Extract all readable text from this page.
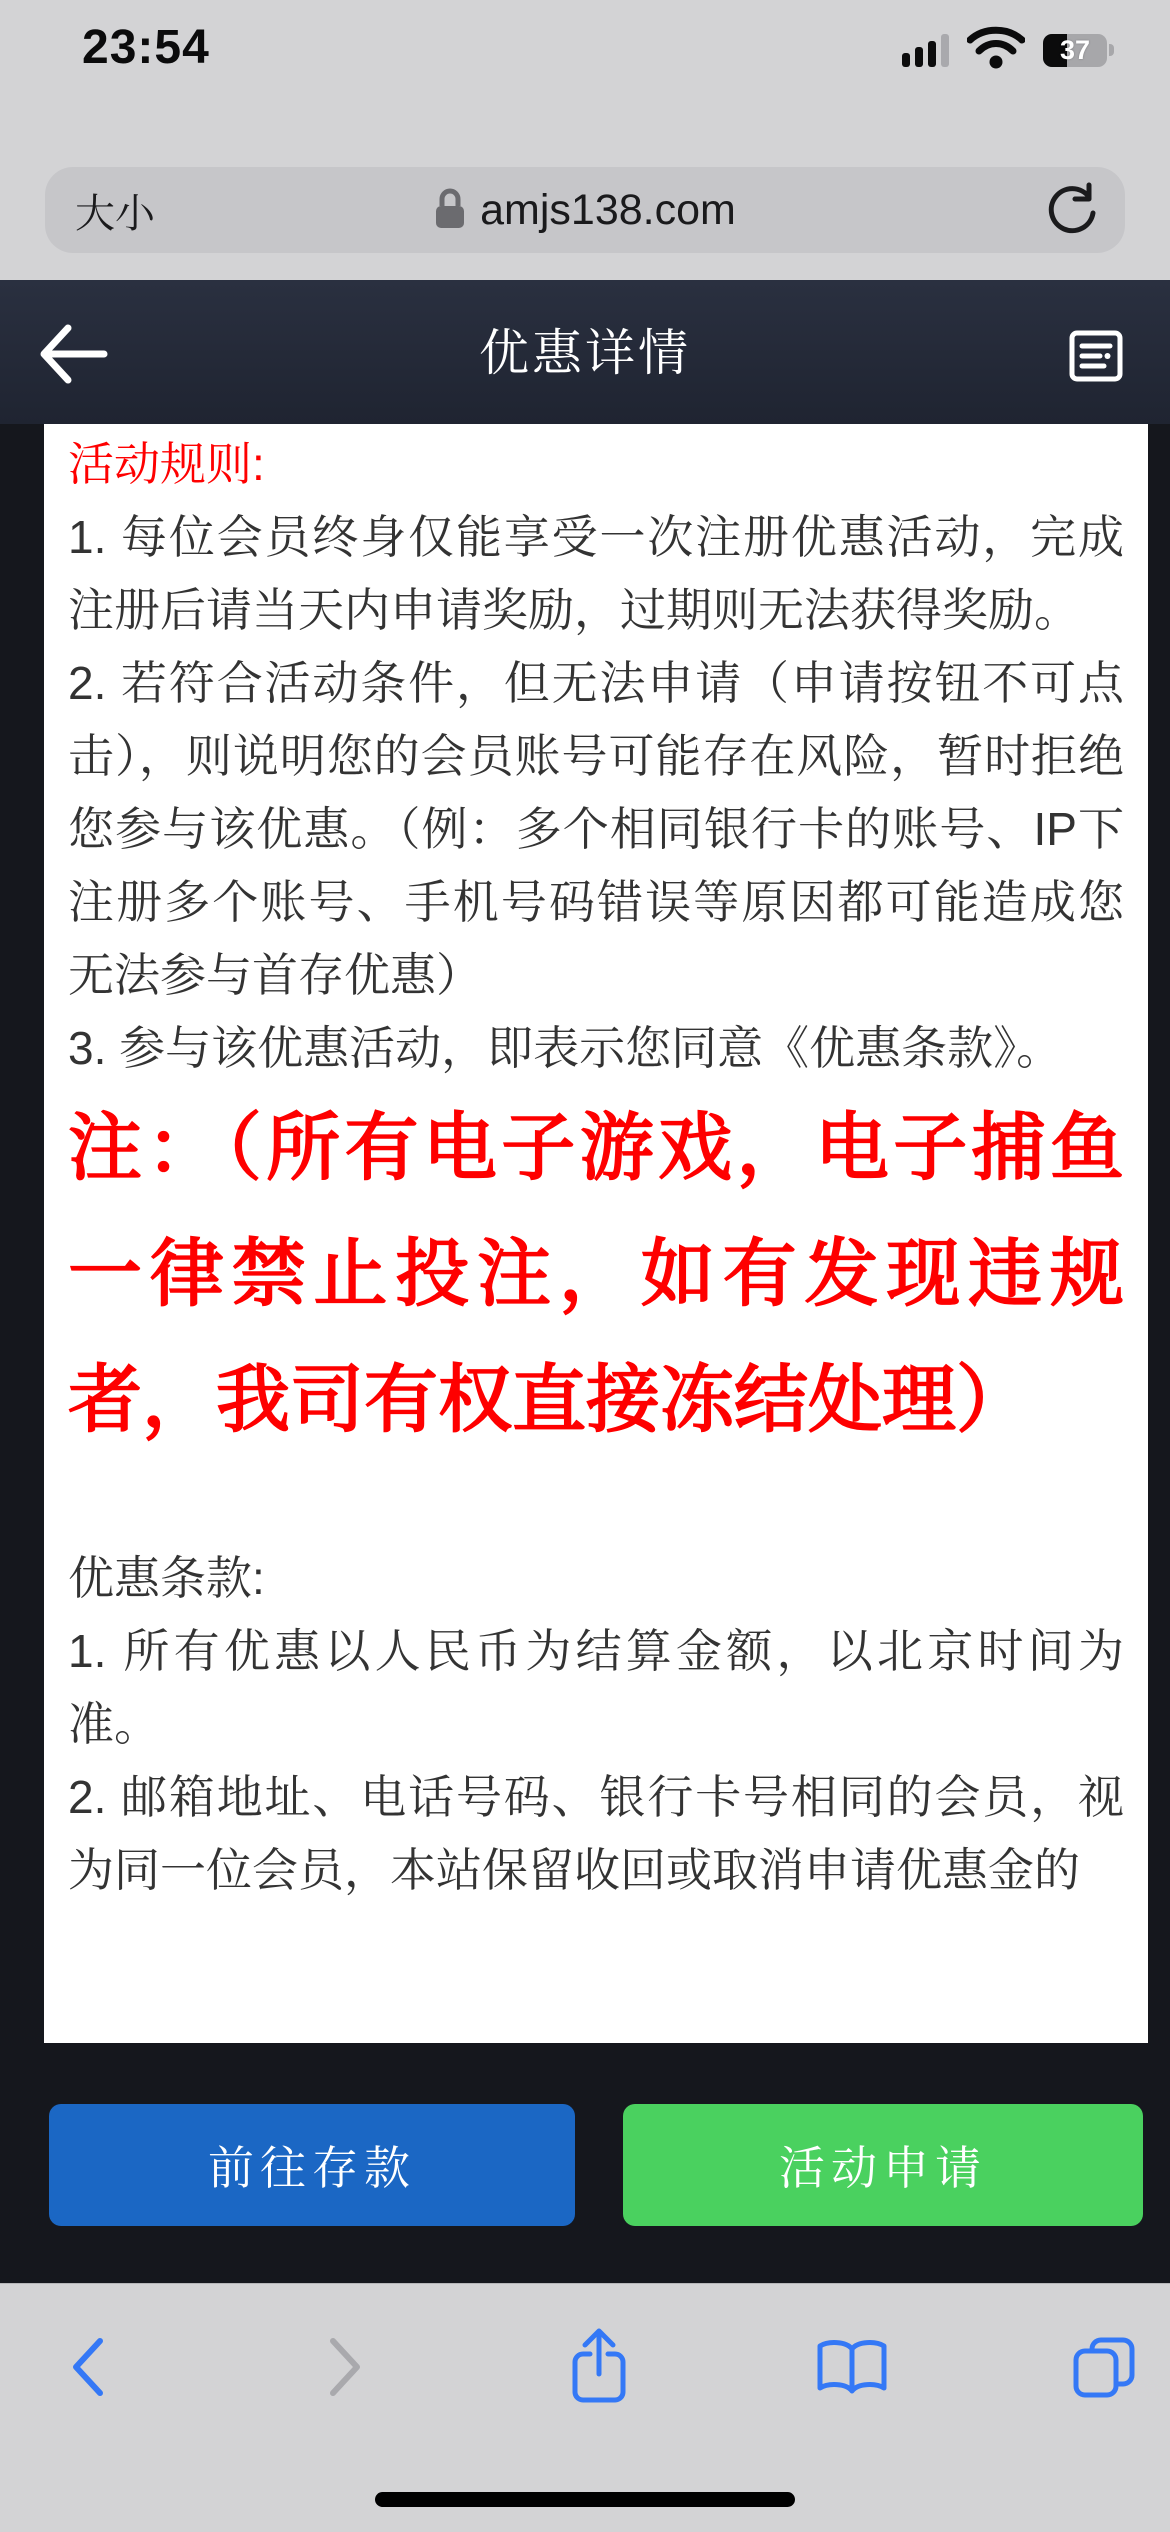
23:54	37
大小	amjs138.com
优惠详情

活动规则:

1. 每位会员终身仅能享受一次注册优惠活动，完成注册后请当天内申请奖励，过期则无法获得奖励。

2. 若符合活动条件，但无法申请（申请按钮不可点击），则说明您的会员账号可能存在风险，暂时拒绝您参与该优惠。（例：多个相同银行卡的账号、IP下注册多个账号、手机号码错误等原因都可能造成您无法参与首存优惠）

3. 参与该优惠活动，即表示您同意《优惠条款》。

注：（所有电子游戏，电子捕鱼一律禁止投注，如有发现违规者，我司有权直接冻结处理）

优惠条款:

1. 所有优惠以人民币为结算金额，以北京时间为准。

2. 邮箱地址、电话号码、银行卡号相同的会员，视为同一位会员，本站保留收回或取消申请优惠金的

前往存款	活动申请
